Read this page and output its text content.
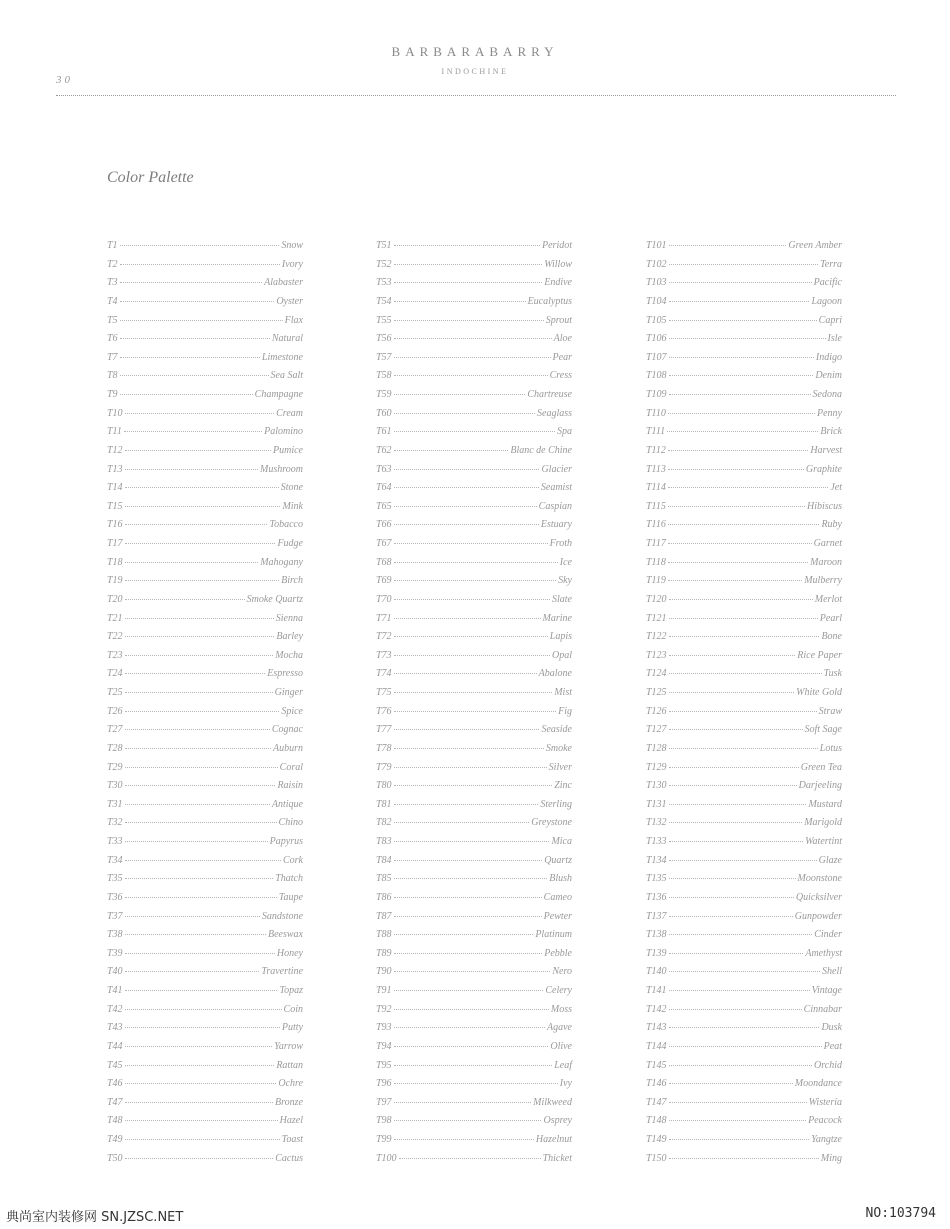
BARBARABARRY
INDOCHINE
30
Color Palette
T1	Snow
T2	Ivory
T3	Alabaster
T4	Oyster
T5	Flax
T6	Natural
T7	Limestone
T8	Sea Salt
T9	Champagne
T10	Cream
T11	Palomino
T12	Pumice
T13	Mushroom
T14	Stone
T15	Mink
T16	Tobacco
T17	Fudge
T18	Mahogany
T19	Birch
T20	Smoke Quartz
T21	Sienna
T22	Barley
T23	Mocha
T24	Espresso
T25	Ginger
T26	Spice
T27	Cognac
T28	Auburn
T29	Coral
T30	Raisin
T31	Antique
T32	Chino
T33	Papyrus
T34	Cork
T35	Thatch
T36	Taupe
T37	Sandstone
T38	Beeswax
T39	Honey
T40	Travertine
T41	Topaz
T42	Coin
T43	Putty
T44	Yarrow
T45	Rattan
T46	Ochre
T47	Bronze
T48	Hazel
T49	Toast
T50	Cactus
T51	Peridot
T52	Willow
T53	Endive
T54	Eucalyptus
T55	Sprout
T56	Aloe
T57	Pear
T58	Cress
T59	Chartreuse
T60	Seaglass
T61	Spa
T62	Blanc de Chine
T63	Glacier
T64	Seamist
T65	Caspian
T66	Estuary
T67	Froth
T68	Ice
T69	Sky
T70	Slate
T71	Marine
T72	Lapis
T73	Opal
T74	Abalone
T75	Mist
T76	Fig
T77	Seaside
T78	Smoke
T79	Silver
T80	Zinc
T81	Sterling
T82	Greystone
T83	Mica
T84	Quartz
T85	Blush
T86	Cameo
T87	Pewter
T88	Platinum
T89	Pebble
T90	Nero
T91	Celery
T92	Moss
T93	Agave
T94	Olive
T95	Leaf
T96	Ivy
T97	Milkweed
T98	Osprey
T99	Hazelnut
T100	Thicket
T101	Green Amber
T102	Terra
T103	Pacific
T104	Lagoon
T105	Capri
T106	Isle
T107	Indigo
T108	Denim
T109	Sedona
T110	Penny
T111	Brick
T112	Harvest
T113	Graphite
T114	Jet
T115	Hibiscus
T116	Ruby
T117	Garnet
T118	Maroon
T119	Mulberry
T120	Merlot
T121	Pearl
T122	Bone
T123	Rice Paper
T124	Tusk
T125	White Gold
T126	Straw
T127	Soft Sage
T128	Lotus
T129	Green Tea
T130	Darjeeling
T131	Mustard
T132	Marigold
T133	Watertint
T134	Glaze
T135	Moonstone
T136	Quicksilver
T137	Gunpowder
T138	Cinder
T139	Amethyst
T140	Shell
T141	Vintage
T142	Cinnabar
T143	Dusk
T144	Peat
T145	Orchid
T146	Moondance
T147	Wisteria
T148	Peacock
T149	Yangtze
T150	Ming
典尚室内装修网 SN.JZSC.NET	NO:103794
